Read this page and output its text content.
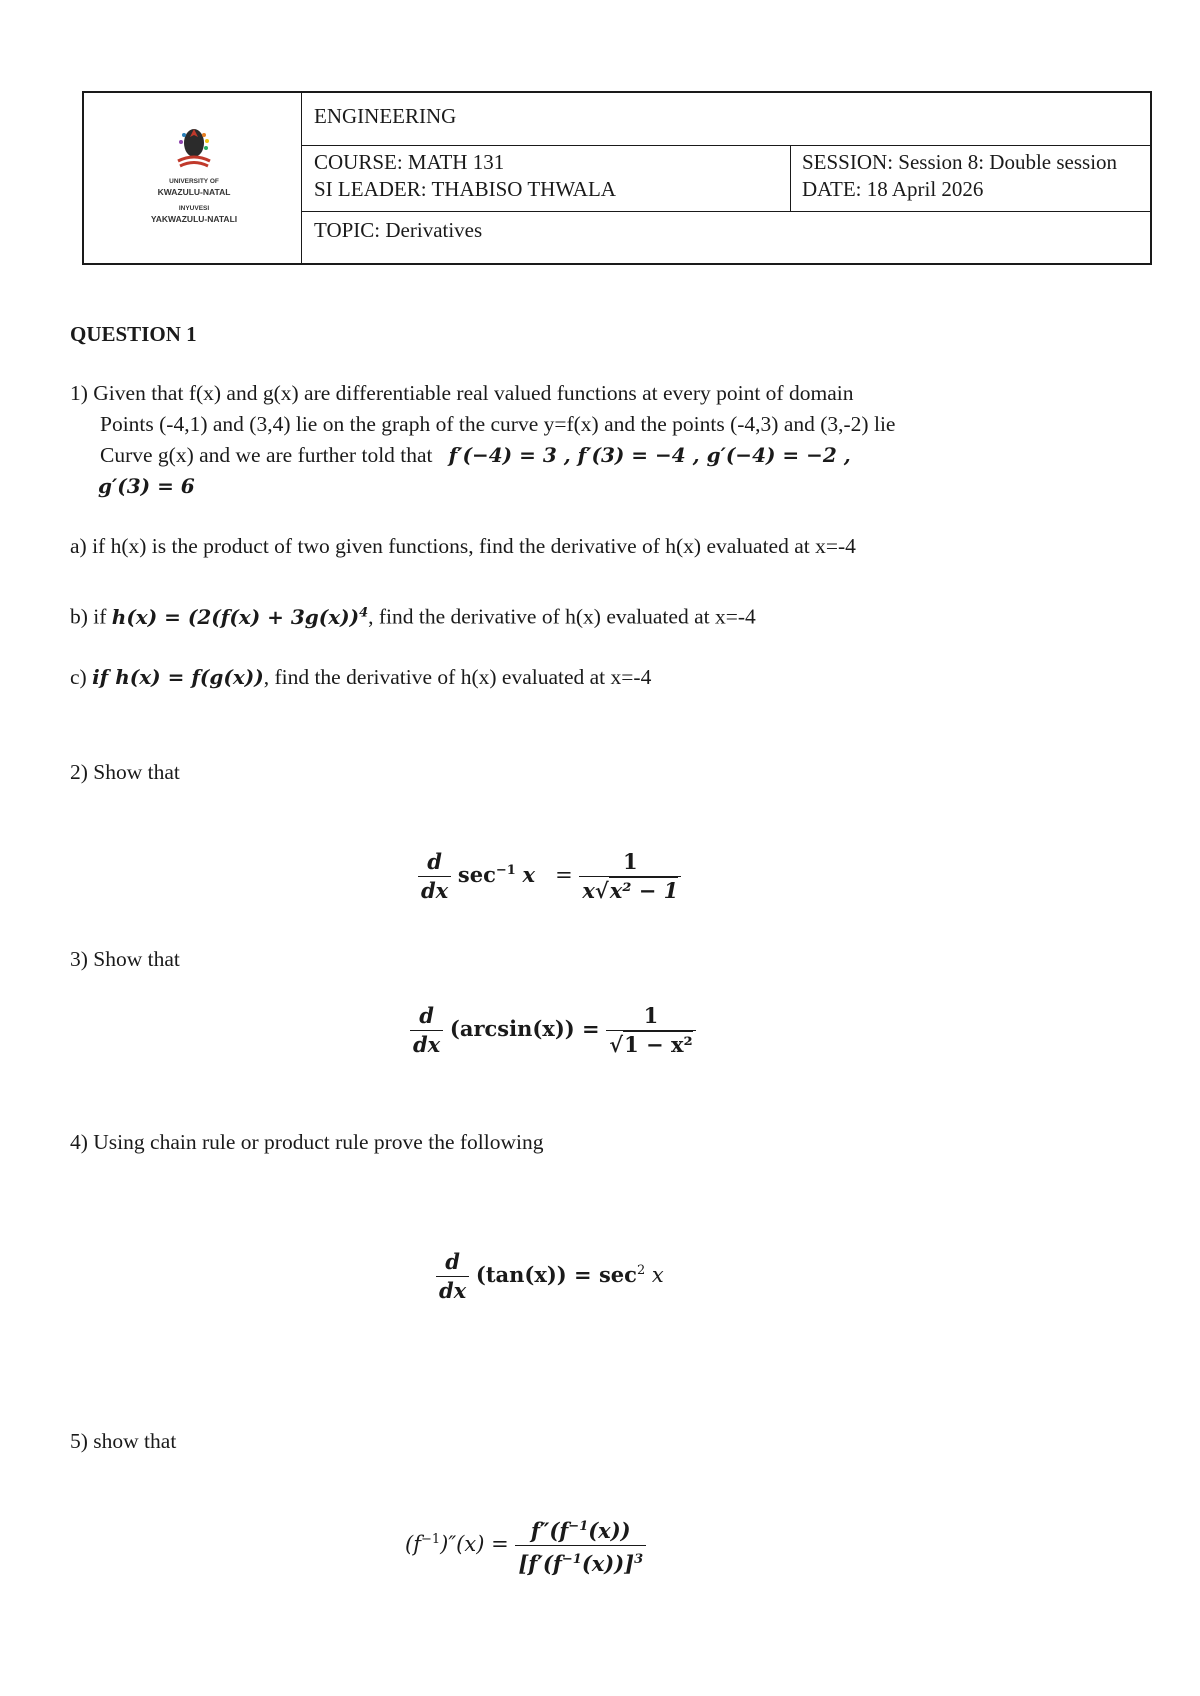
UNIVERSITY OF
KWAZULU-NATAL
INYUVESI
YAKWAZULU-NATALI
ENGINEERING
COURSE: MATH 131
SI LEADER: THABISO THWALA
SESSION: Session 8: Double session
DATE: 18 April 2026
TOPIC: Derivatives
QUESTION 1
1) Given that f(x) and g(x) are differentiable real valued functions at every point of domain
Points (-4,1) and (3,4) lie on the graph of the curve y=f(x) and the points (-4,3) and (3,-2) lie
Curve g(x) and we are further told that f′(−4) = 3 , f′(3) = −4 , g′(−4) = −2 ,
g′(3) = 6
a) if h(x) is the product of two given functions, find the derivative of h(x) evaluated at x=-4
b) if $h(x) = (2(f(x) + 3g(x))^4$, find the derivative of h(x) evaluated at x=-4
c) if h(x) = f(g(x)), find the derivative of h(x) evaluated at x=-4
2) Show that
$\frac{d}{dx} \sec^{-1} x = \frac{1}{\text{x√x² − 1}}$
3) Show that
$\frac{d}{dx} (\arcsin(x)) = \frac{1}{\text{√1 − x²}}$
4) Using chain rule or product rule prove the following
$\frac{d}{dx} (\tan(x)) = \sec^2 x$
5) show that
$(f^{-1})''(x) = \frac{f''(f^{-1}(x))}{[f'(f^{-1}(x))]^3}$
